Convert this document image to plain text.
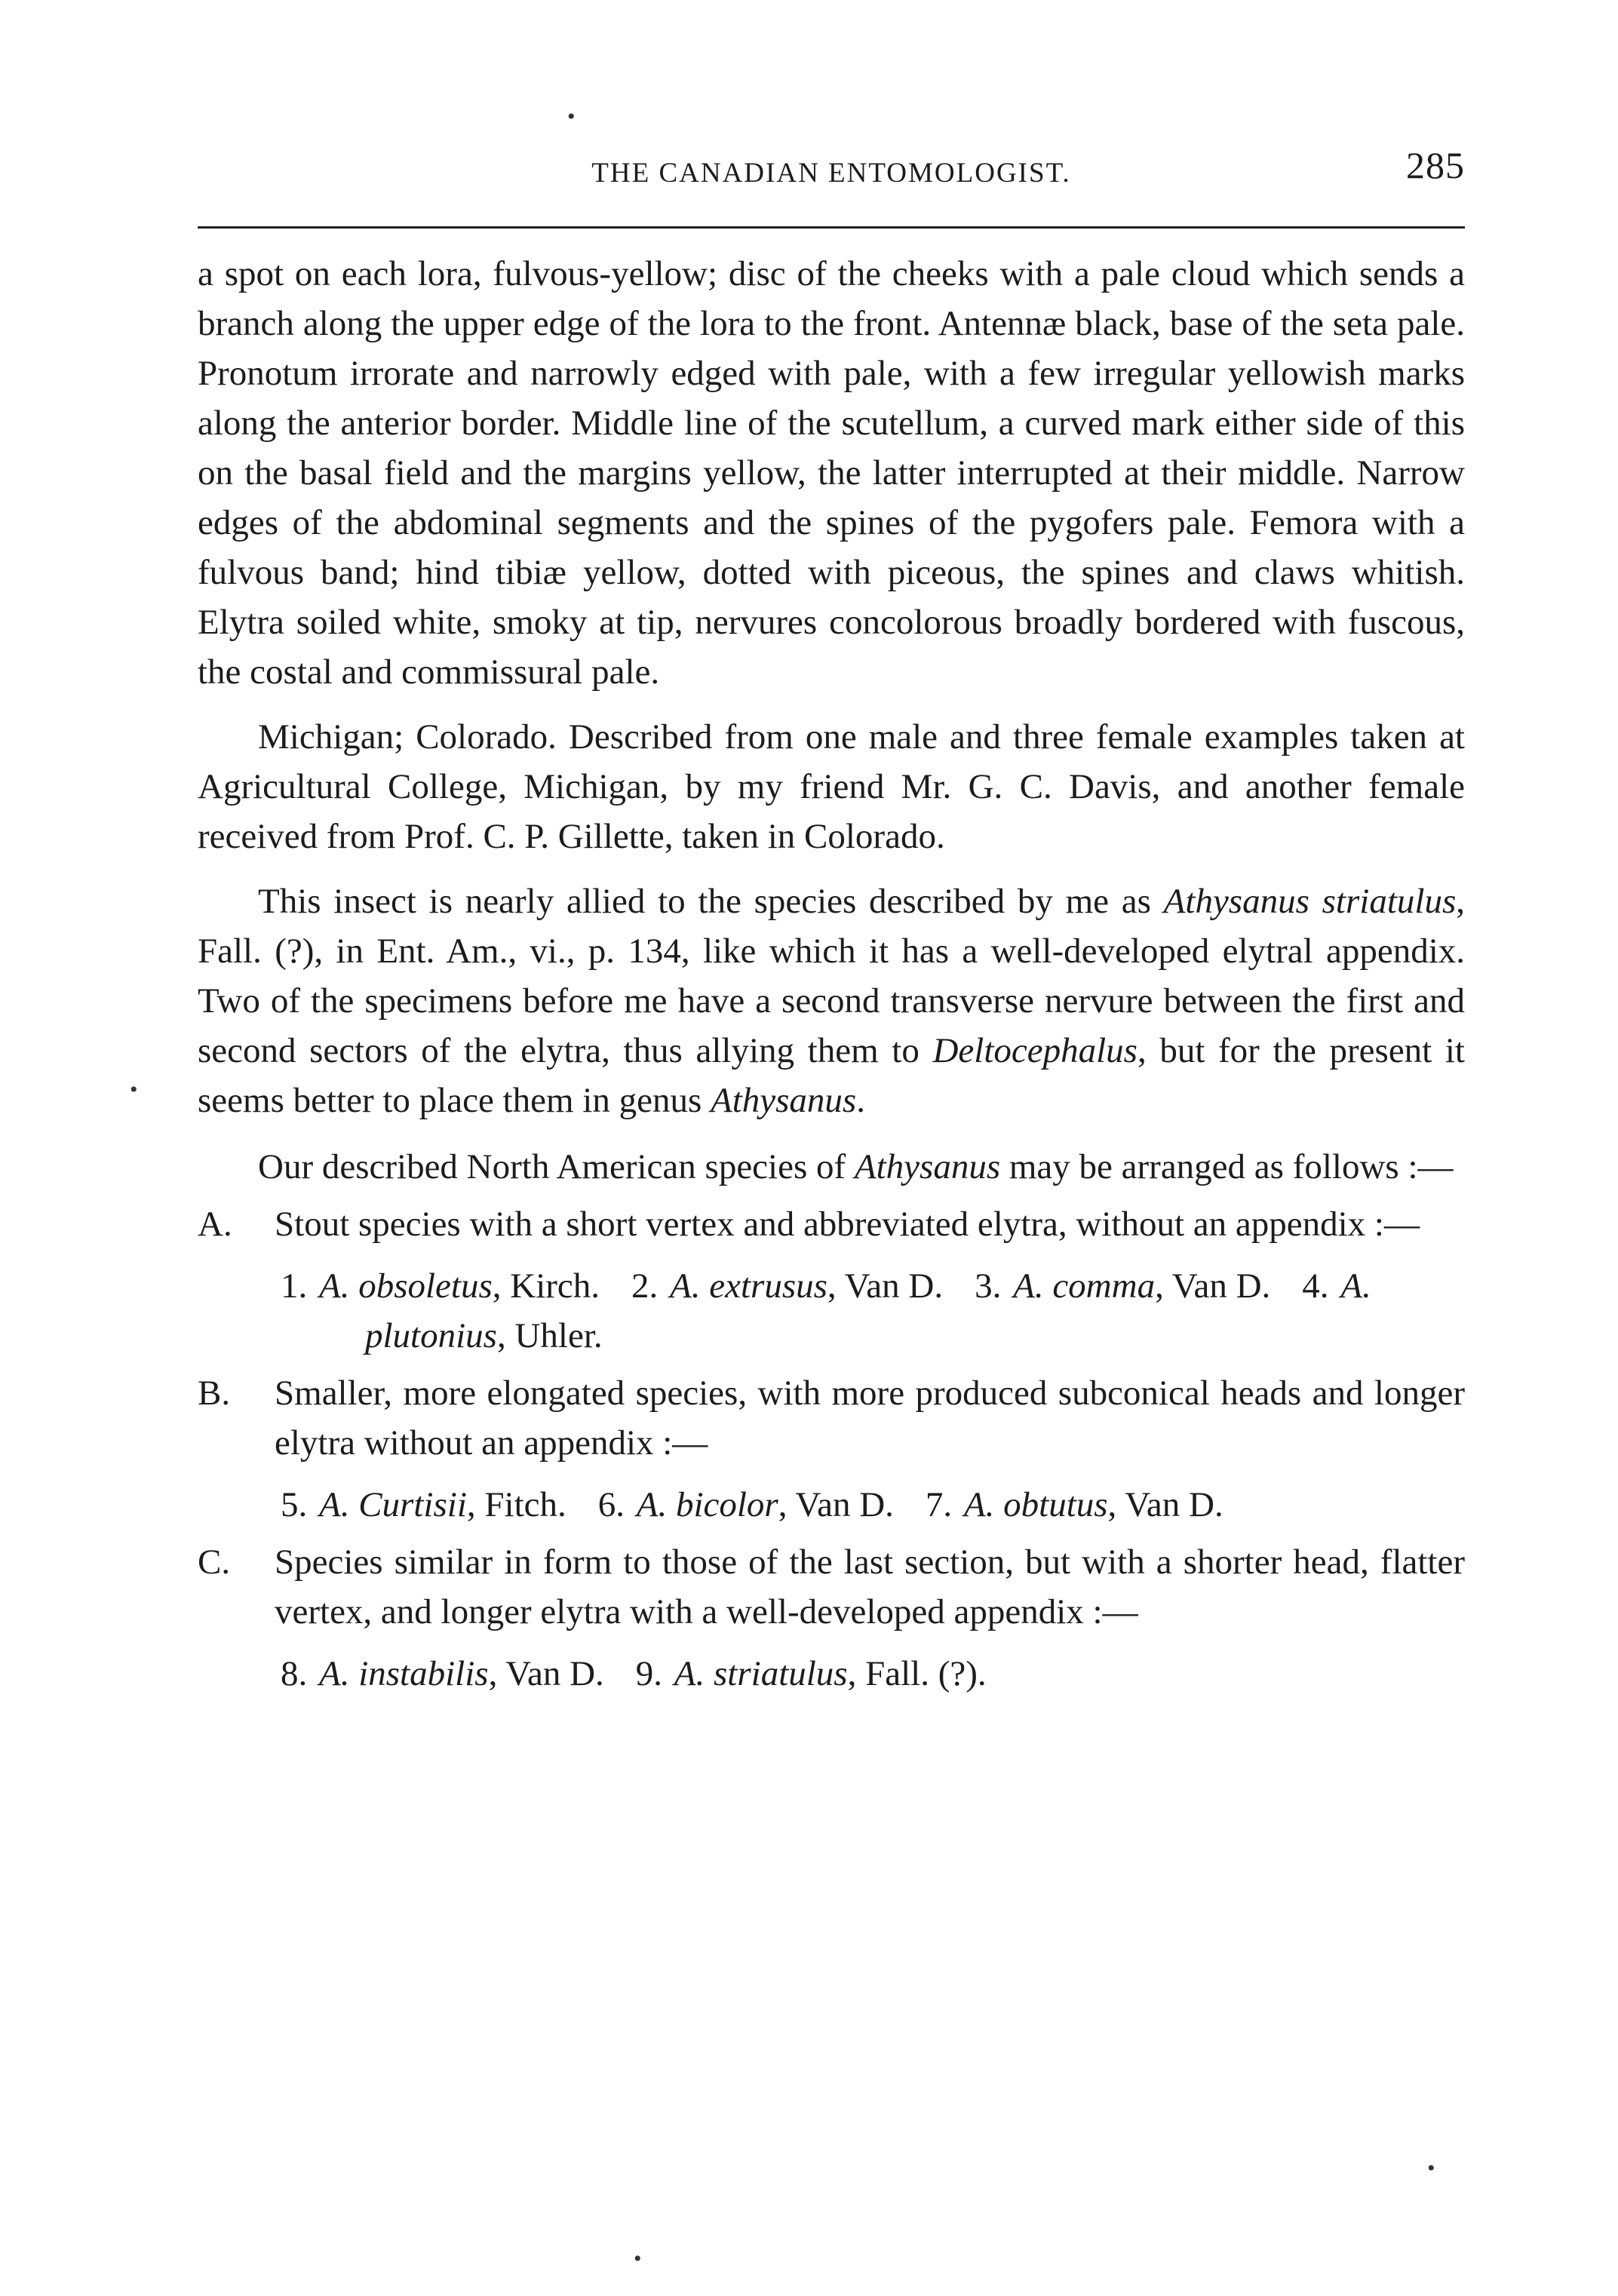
THE CANADIAN ENTOMOLOGIST.	285

a spot on each lora, fulvous-yellow; disc of the cheeks with a pale cloud which sends a branch along the upper edge of the lora to the front. Antennæ black, base of the seta pale. Pronotum irrorate and narrowly edged with pale, with a few irregular yellowish marks along the anterior border. Middle line of the scutellum, a curved mark either side of this on the basal field and the margins yellow, the latter interrupted at their middle. Narrow edges of the abdominal segments and the spines of the pygofers pale. Femora with a fulvous band; hind tibiæ yellow, dotted with piceous, the spines and claws whitish. Elytra soiled white, smoky at tip, nervures concolorous broadly bordered with fuscous, the costal and commissural pale.

Michigan; Colorado. Described from one male and three female examples taken at Agricultural College, Michigan, by my friend Mr. G. C. Davis, and another female received from Prof. C. P. Gillette, taken in Colorado.

This insect is nearly allied to the species described by me as Athysanus striatulus, Fall. (?), in Ent. Am., vi., p. 134, like which it has a well-developed elytral appendix. Two of the specimens before me have a second transverse nervure between the first and second sectors of the elytra, thus allying them to Deltocephalus, but for the present it seems better to place them in genus Athysanus.

Our described North American species of Athysanus may be arranged as follows :—

A. Stout species with a short vertex and abbreviated elytra, without an appendix :—

1. A. obsoletus, Kirch. 2. A. extrusus, Van D. 3. A. comma, Van D. 4. A. plutonius, Uhler.

B. Smaller, more elongated species, with more produced subconical heads and longer elytra without an appendix :—

5. A. Curtisii, Fitch. 6. A. bicolor, Van D. 7. A. obtutus, Van D.

C. Species similar in form to those of the last section, but with a shorter head, flatter vertex, and longer elytra with a well-developed appendix :—

8. A. instabilis, Van D. 9. A. striatulus, Fall. (?).

•
•
•
•
